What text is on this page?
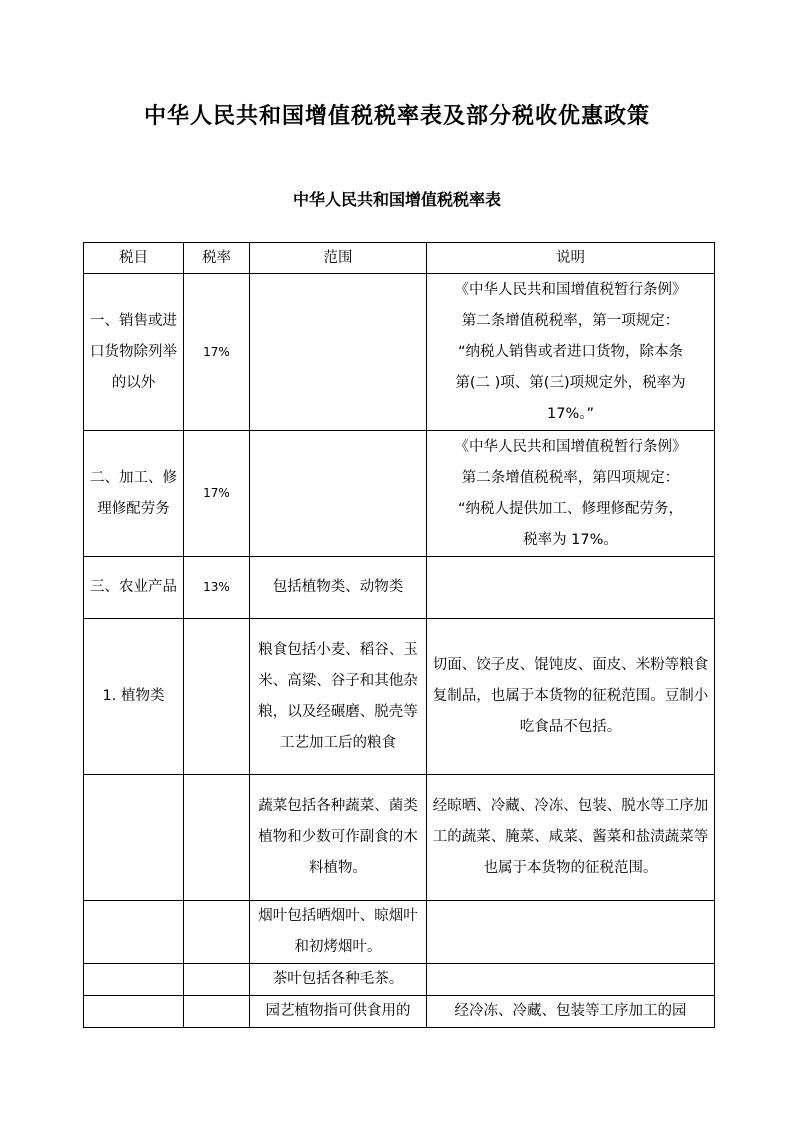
中华人民共和国增值税税率表及部分税收优惠政策
中华人民共和国增值税税率表
税目	税率	范围	说明
一、销售或进口货物除列举的以外	17%		《中华人民共和国增值税暂行条例》
第二条增值税税率，第一项规定：
“纳税人销售或者进口货物，除本条
第(二 )项、第(三)项规定外，税率为
17%。”

二、加工、修理修配劳务	17%		《中华人民共和国增值税暂行条例》
第二条增值税税率，第四项规定：
“纳税人提供加工、修理修配劳务，
税率为 17%。

三、农业产品	13%	包括植物类、动物类	
1. 植物类		粮食包括小麦、稻谷、玉米、高粱、谷子和其他杂粮，以及经碾磨、脱壳等工艺加工后的粮食	切面、饺子皮、馄饨皮、面皮、米粉等粮食复制品，也属于本货物的征税范围。豆制小吃食品不包括。
		蔬菜包括各种蔬菜、菌类植物和少数可作副食的木料植物。	经晾晒、冷藏、冷冻、包装、脱水等工序加工的蔬菜、腌菜、咸菜、酱菜和盐渍蔬菜等也属于本货物的征税范围。
		烟叶包括晒烟叶、晾烟叶和初烤烟叶。	
		茶叶包括各种毛茶。	
		园艺植物指可供食用的	经冷冻、冷藏、包装等工序加工的园
